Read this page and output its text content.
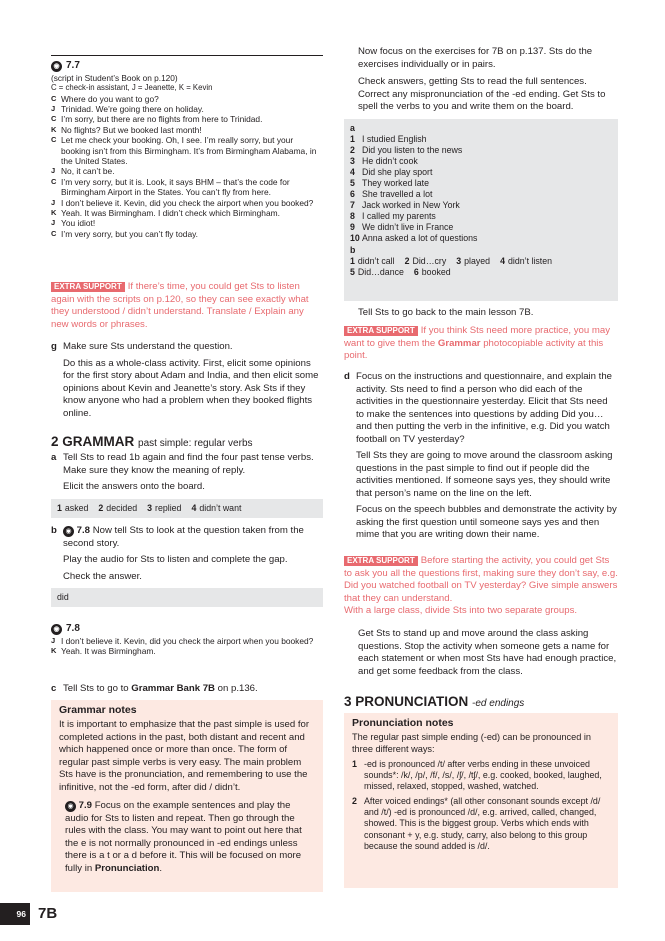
◉ 7.7
(script in Student’s Book on p.120)
C = check-in assistant, J = Jeanette, K = Kevin
C Where do you want to go?
J Trinidad. We’re going there on holiday.
C I’m sorry, but there are no flights from here to Trinidad.
K No flights? But we booked last month!
C Let me check your booking. Oh, I see. I’m really sorry, but your booking isn’t from this Birmingham. It’s from Birmingham Alabama, in the United States.
J No, it can’t be.
C I’m very sorry, but it is. Look, it says BHM – that’s the code for Birmingham Airport in the States. You can’t fly from here.
J I don’t believe it. Kevin, did you check the airport when you booked?
K Yeah. It was Birmingham. I didn’t check which Birmingham.
J You idiot!
C I’m very sorry, but you can’t fly today.
EXTRA SUPPORT If there’s time, you could get Sts to listen again with the scripts on p.120, so they can see exactly what they understood / didn’t understand. Translate / Explain any new words or phrases.
g Make sure Sts understand the question.

Do this as a whole-class activity. First, elicit some opinions for the first story about Adam and India, and then elicit some opinions about Kevin and Jeanette’s story. Ask Sts if they know anyone who had a problem when they booked flights online.

2 GRAMMAR past simple: regular verbs
a Tell Sts to read 1b again and find the four past tense verbs. Make sure they know the meaning of reply.

Elicit the answers onto the board.

1 asked 2 decided 3 replied 4 didn’t want
b	◉ 7.8 Now tell Sts to look at the question taken from the second story.

Play the audio for Sts to listen and complete the gap.

Check the answer.

did
◉ 7.8
J I don’t believe it. Kevin, did you check the airport when you booked?
K Yeah. It was Birmingham.
c Tell Sts to go to Grammar Bank 7B on p.136.
Grammar notes

It is important to emphasize that the past simple is used for completed actions in the past, both distant and recent and which happened once or more than once. The form of regular past simple verbs is very easy. The main problem Sts have is the pronunciation, and remembering to use the infinitive, not the -ed form, after did / didn’t.

◉ 7.9 Focus on the example sentences and play the audio for Sts to listen and repeat. Then go through the rules with the class. You may want to point out here that the e is not normally pronounced in -ed endings unless there is a t or a d before it. This will be focused on more fully in Pronunciation.

Now focus on the exercises for 7B on p.137. Sts do the exercises individually or in pairs.

Check answers, getting Sts to read the full sentences. Correct any mispronunciation of the -ed ending. Get Sts to spell the verbs to you and write them on the board.

a
1 I studied English
2 Did you listen to the news
3 He didn’t cook
4 Did she play sport
5 They worked late
6 She travelled a lot
7 Jack worked in New York
8 I called my parents
9 We didn’t live in France
10 Anna asked a lot of questions
b
1 didn’t call 2 Did…cry 3 played 4 didn’t listen
5 Did…dance 6 booked
Tell Sts to go back to the main lesson 7B.
EXTRA SUPPORT If you think Sts need more practice, you may want to give them the Grammar photocopiable activity at this point.
d Focus on the instructions and questionnaire, and explain the activity. Sts need to find a person who did each of the activities in the questionnaire yesterday. Elicit that Sts need to make the sentences into questions by adding Did you… and then putting the verb in the infinitive, e.g. Did you watch football on TV yesterday?

Tell Sts they are going to move around the classroom asking questions in the past simple to find out if people did the activities mentioned. If someone says yes, they should write that person’s name on the line on the left.

Focus on the speech bubbles and demonstrate the activity by asking the first question until someone says yes and then mime that you are writing down their name.

EXTRA SUPPORT Before starting the activity, you could get Sts to ask you all the questions first, making sure they don’t say, e.g. Did you watched football on TV yesterday? Give simple answers that they can understand.

With a large class, divide Sts into two separate groups.

Get Sts to stand up and move around the class asking questions. Stop the activity when someone gets a name for each statement or when most Sts have had enough practice, and get some feedback from the class.
3 PRONUNCIATION -ed endings
Pronunciation notes

The regular past simple ending (-ed) can be pronounced in three different ways:

1 -ed is pronounced /t/ after verbs ending in these unvoiced sounds*: /k/, /p/, /f/, /s/, /ʃ/, /tʃ/, e.g. cooked, booked, laughed, missed, relaxed, stopped, washed, watched.
2 After voiced endings* (all other consonant sounds except /d/ and /t/) -ed is pronounced /d/, e.g. arrived, called, changed, showed. This is the biggest group. Verbs which ends with consonant + y, e.g. study, carry, also belong to this group because the sound added is /d/.
96 7B
